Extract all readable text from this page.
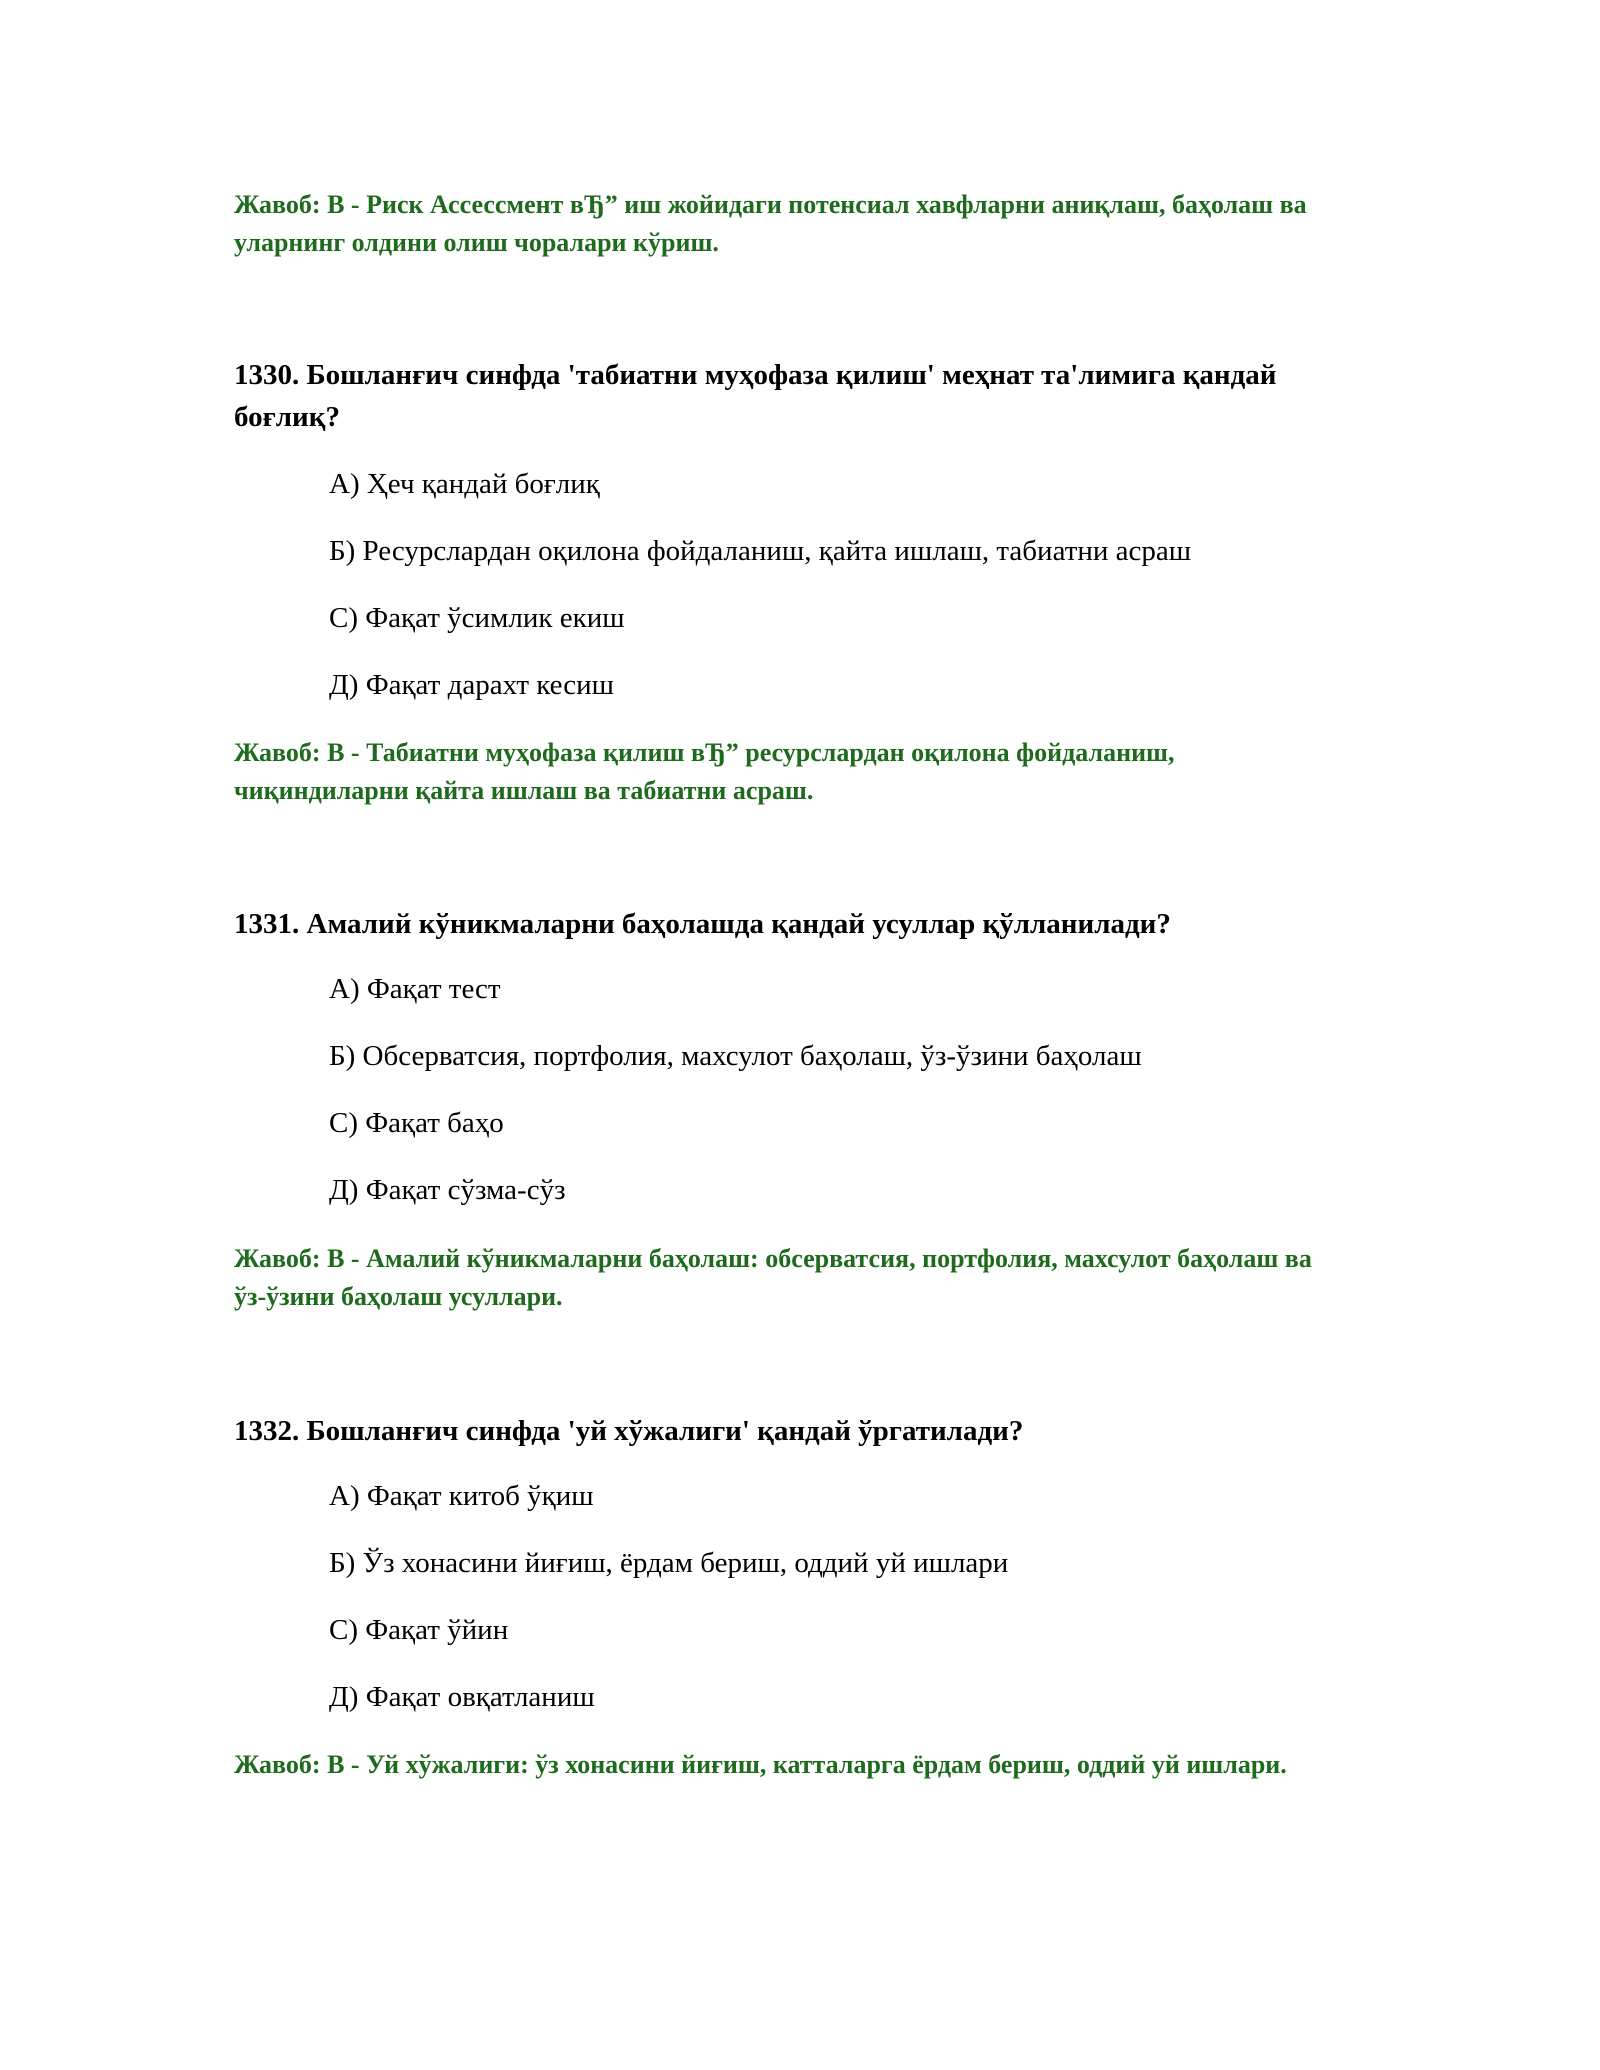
Жавоб: В - Риск Ассессмент вЂ” иш жойидаги потенсиал хавфларни аниқлаш, баҳолаш ва уларнинг олдини олиш чоралари кўриш.

1330. Бошланғич синфда 'табиатни муҳофаза қилиш' меҳнат та'лимига қандай боғлиқ?

А) Ҳеч қандай боғлиқ
Б) Ресурслардан оқилона фойдаланиш, қайта ишлаш, табиатни асраш
С) Фақат ўсимлик екиш
Д) Фақат дарахт кесиш

Жавоб: В - Табиатни муҳофаза қилиш вЂ” ресурслардан оқилона фойдаланиш, чиқиндиларни қайта ишлаш ва табиатни асраш.

1331. Амалий кўникмаларни баҳолашда қандай усуллар қўлланилади?

А) Фақат тест
Б) Обсерватсия, портфолия, махсулот баҳолаш, ўз-ўзини баҳолаш
С) Фақат баҳо
Д) Фақат сўзма-сўз

Жавоб: В - Амалий кўникмаларни баҳолаш: обсерватсия, портфолия, махсулот баҳолаш ва ўз-ўзини баҳолаш усуллари.

1332. Бошланғич синфда 'уй хўжалиги' қандай ўргатилади?

А) Фақат китоб ўқиш
Б) Ўз хонасини йиғиш, ёрдам бериш, оддий уй ишлари
С) Фақат ўйин
Д) Фақат овқатланиш

Жавоб: В - Уй хўжалиги: ўз хонасини йиғиш, катталарга ёрдам бериш, оддий уй ишлари.
